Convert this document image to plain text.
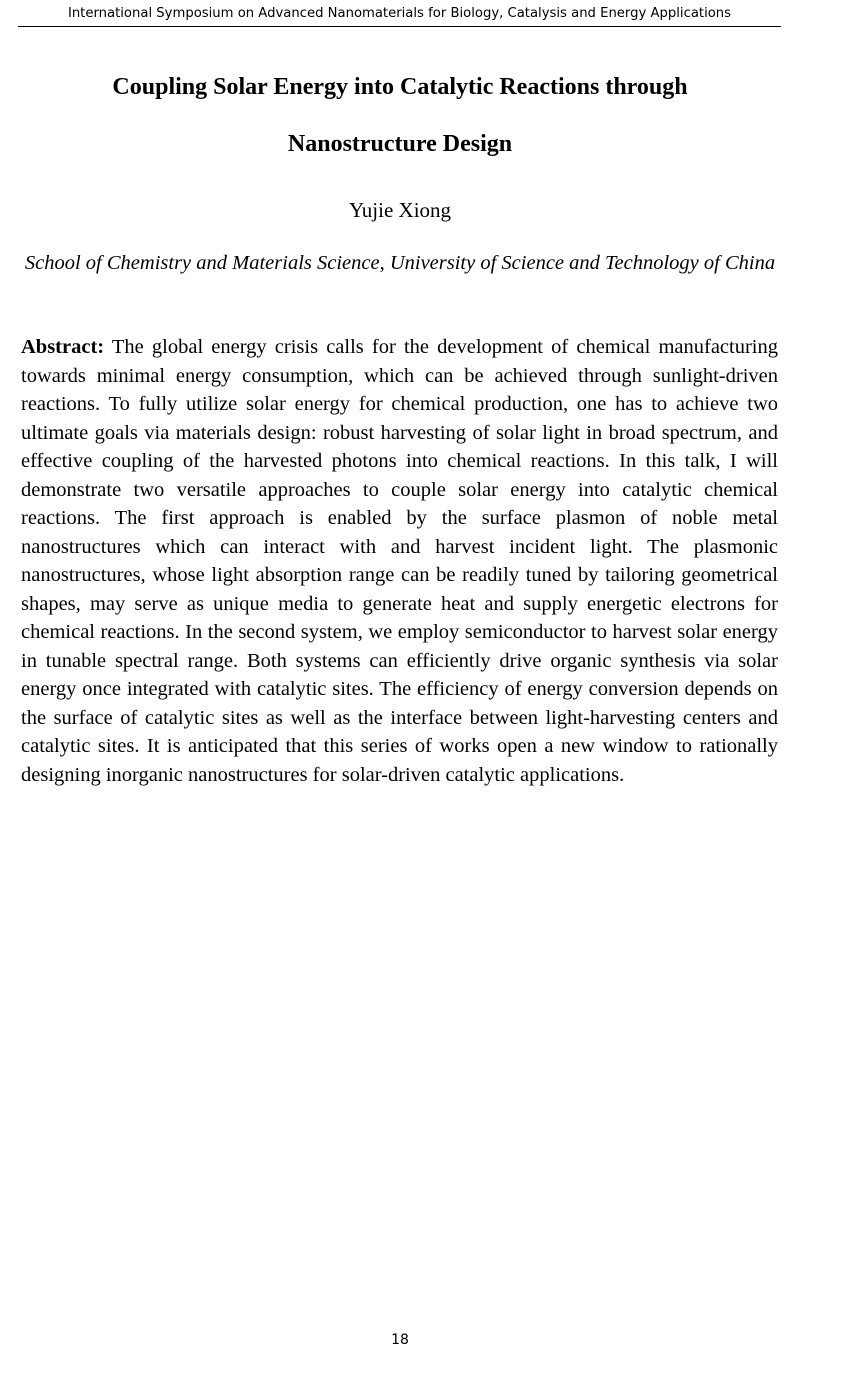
International Symposium on Advanced Nanomaterials for Biology, Catalysis and Energy Applications
Coupling Solar Energy into Catalytic Reactions through
Nanostructure Design
Yujie Xiong
School of Chemistry and Materials Science, University of Science and Technology of China

Abstract: The global energy crisis calls for the development of chemical manufacturing towards minimal energy consumption, which can be achieved through sunlight-driven reactions. To fully utilize solar energy for chemical production, one has to achieve two ultimate goals via materials design: robust harvesting of solar light in broad spectrum, and effective coupling of the harvested photons into chemical reactions. In this talk, I will demonstrate two versatile approaches to couple solar energy into catalytic chemical reactions. The first approach is enabled by the surface plasmon of noble metal nanostructures which can interact with and harvest incident light. The plasmonic nanostructures, whose light absorption range can be readily tuned by tailoring geometrical shapes, may serve as unique media to generate heat and supply energetic electrons for chemical reactions. In the second system, we employ semiconductor to harvest solar energy in tunable spectral range. Both systems can efficiently drive organic synthesis via solar energy once integrated with catalytic sites. The efficiency of energy conversion depends on the surface of catalytic sites as well as the interface between light-harvesting centers and catalytic sites. It is anticipated that this series of works open a new window to rationally designing inorganic nanostructures for solar-driven catalytic applications.

18
